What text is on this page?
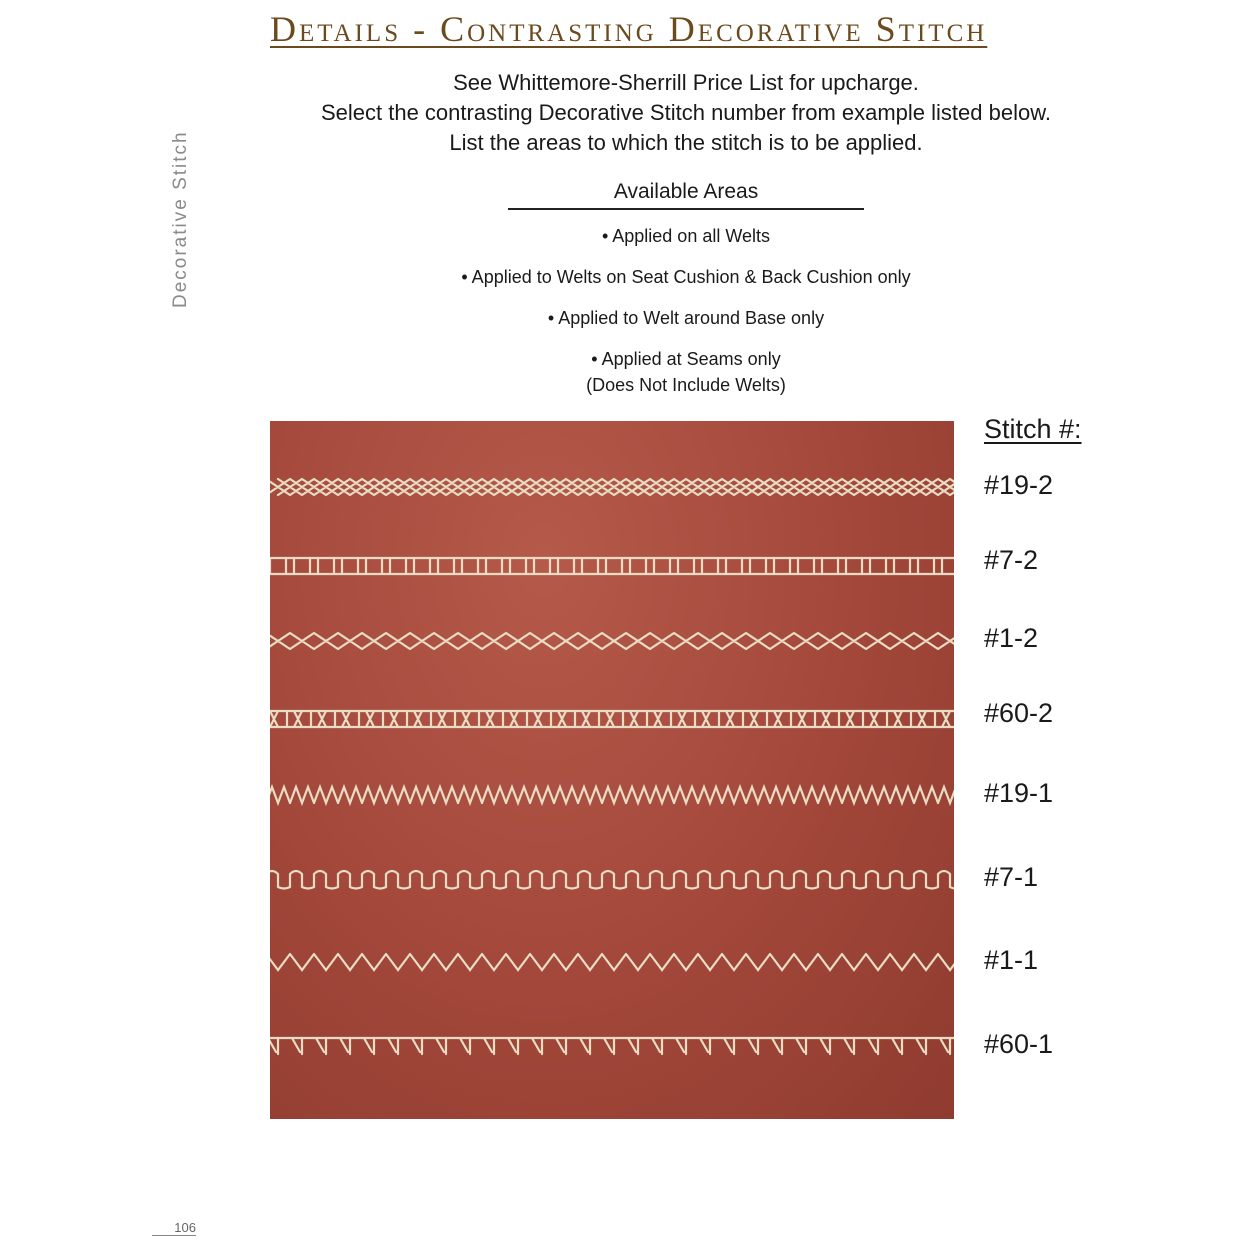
Details - Contrasting Decorative Stitch
Decorative Stitch
See Whittemore-Sherrill Price List for upcharge.
Select the contrasting Decorative Stitch number from example listed below.
List the areas to which the stitch is to be applied.
Available Areas
• Applied on all Welts
• Applied to Welts on Seat Cushion & Back Cushion only
• Applied to Welt around Base only
• Applied at Seams only
(Does Not Include Welts)
Stitch #:
#19-2
#7-2
#1-2
#60-2
#19-1
#7-1
#1-1
#60-1
106
